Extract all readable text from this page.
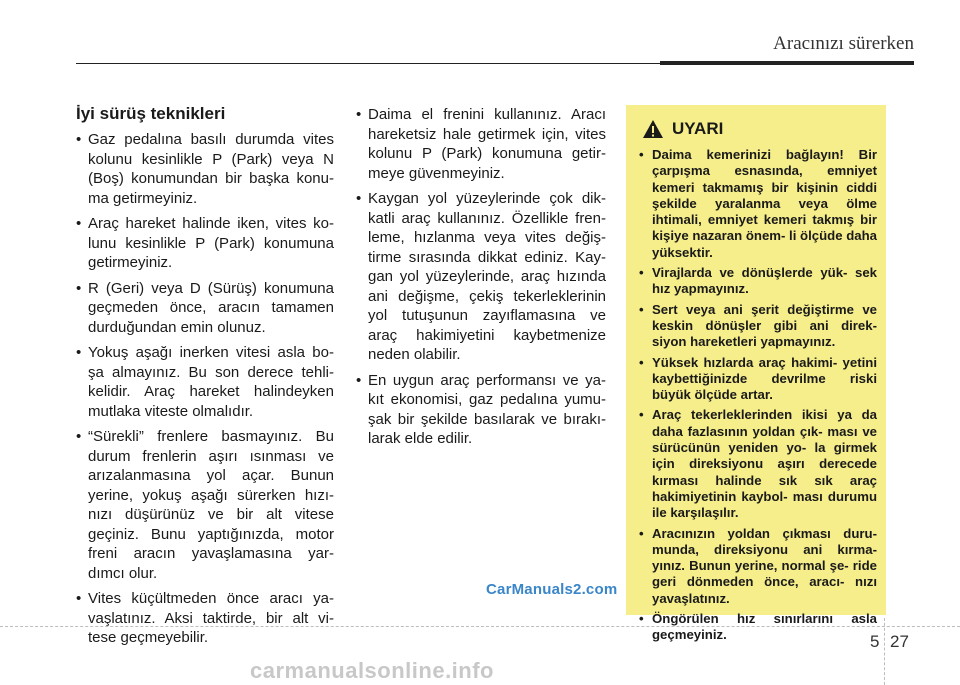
Aracınızı sürerken
İyi sürüş teknikleri
• Gaz pedalına basılı durumda vites kolunu kesinlikle P (Park) veya N (Boş) konumundan bir başka konu- ma getirmeyiniz.
• Araç hareket halinde iken, vites ko- lunu kesinlikle P (Park) konumuna getirmeyiniz.
• R (Geri) veya D (Sürüş) konumuna geçmeden önce, aracın tamamen durduğundan emin olunuz.
• Yokuş aşağı inerken vitesi asla bo- şa almayınız. Bu son derece tehli- kelidir. Araç hareket halindeyken mutlaka viteste olmalıdır.
• “Sürekli” frenlere basmayınız. Bu durum frenlerin aşırı ısınması ve arızalanmasına yol açar. Bunun yerine, yokuş aşağı sürerken hızı- nızı düşürünüz ve bir alt vitese geçiniz. Bunu yaptığınızda, motor freni aracın yavaşlamasına yar- dımcı olur.
• Vites küçültmeden önce aracı ya- vaşlatınız. Aksi taktirde, bir alt vi- tese geçmeyebilir.
• Daima el frenini kullanınız. Aracı hareketsiz hale getirmek için, vites kolunu P (Park) konumuna getir- meye güvenmeyiniz.
• Kaygan yol yüzeylerinde çok dik- katli araç kullanınız. Özellikle fren- leme, hızlanma veya vites değiş- tirme sırasında dikkat ediniz. Kay- gan yol yüzeylerinde, araç hızında ani değişme, çekiş tekerleklerinin yol tutuşunun zayıflamasına ve araç hakimiyetini kaybetmenize neden olabilir.
• En uygun araç performansı ve ya- kıt ekonomisi, gaz pedalına yumu- şak bir şekilde basılarak ve bırakı- larak elde edilir.
UYARI
• Daima kemerinizi bağlayın! Bir çarpışma esnasında, emniyet kemeri takmamış bir kişinin ciddi şekilde yaralanma veya ölme ihtimali, emniyet kemeri takmış bir kişiye nazaran önem- li ölçüde daha yüksektir.
• Virajlarda ve dönüşlerde yük- sek hız yapmayınız.
• Sert veya ani şerit değiştirme ve keskin dönüşler gibi ani direk- siyon hareketleri yapmayınız.
• Yüksek hızlarda araç hakimi- yetini kaybettiğinizde devrilme riski büyük ölçüde artar.
• Araç tekerleklerinden ikisi ya da daha fazlasının yoldan çık- ması ve sürücünün yeniden yo- la girmek için direksiyonu aşırı derecede kırması halinde sık sık araç hakimiyetinin kaybol- ması durumu ile karşılaşılır.
• Aracınızın yoldan çıkması duru- munda, direksiyonu ani kırma- yınız. Bunun yerine, normal şe- ride geri dönmeden önce, aracı- nızı yavaşlatınız.
• Öngörülen hız sınırlarını asla geçmeyiniz.
CarManuals2.com
5 27
carmanualsonline.info
